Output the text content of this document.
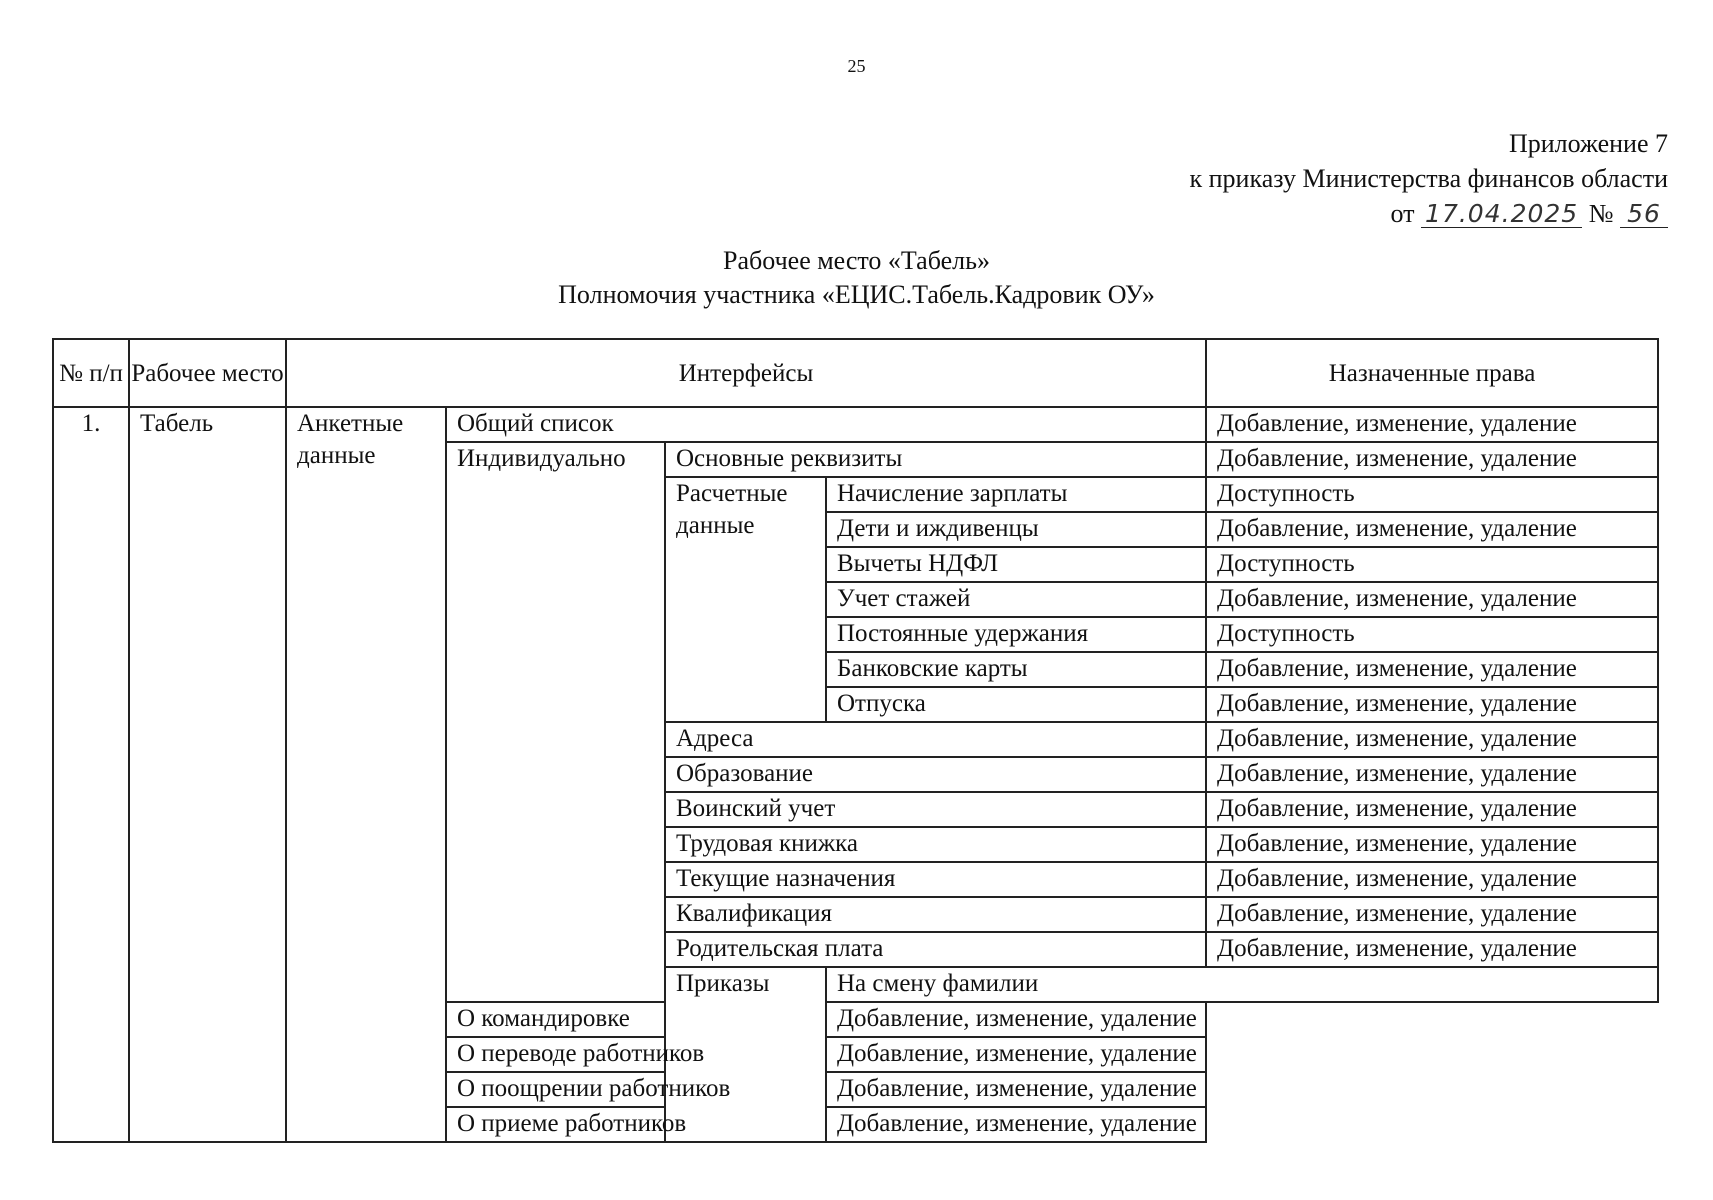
25
Приложение 7
к приказу Министерства финансов области
от 17.04.2025 № 56
Рабочее место «Табель»
Полномочия участника «ЕЦИС.Табель.Кадровик ОУ»
№ п/п	Рабочее место	Интерфейсы				Назначенные права	
1.	Табель	Анкетные данные	Общий список			Добавление, изменение, удаление	
			Индивидуально	Основные реквизиты		Добавление, изменение, удаление	
				Расчетные данные	Начисление зарплаты	Доступность	
					Дети и иждивенцы	Добавление, изменение, удаление	
					Вычеты НДФЛ	Доступность	
					Учет стажей	Добавление, изменение, удаление	
					Постоянные удержания	Доступность	
					Банковские карты	Добавление, изменение, удаление	
					Отпуска	Добавление, изменение, удаление	
				Адреса		Добавление, изменение, удаление	
				Образование		Добавление, изменение, удаление	
				Воинский учет		Добавление, изменение, удаление	
				Трудовая книжка		Добавление, изменение, удаление	
				Текущие назначения		Добавление, изменение, удаление	
				Квалификация		Добавление, изменение, удаление	
				Родительская плата		Добавление, изменение, удаление	
				Приказы	На смену фамилии	
			О командировке		Добавление, изменение, удаление		
			О переводе работников		Добавление, изменение, удаление		
			О поощрении работников		Добавление, изменение, удаление		
			О приеме работников		Добавление, изменение, удаление		
